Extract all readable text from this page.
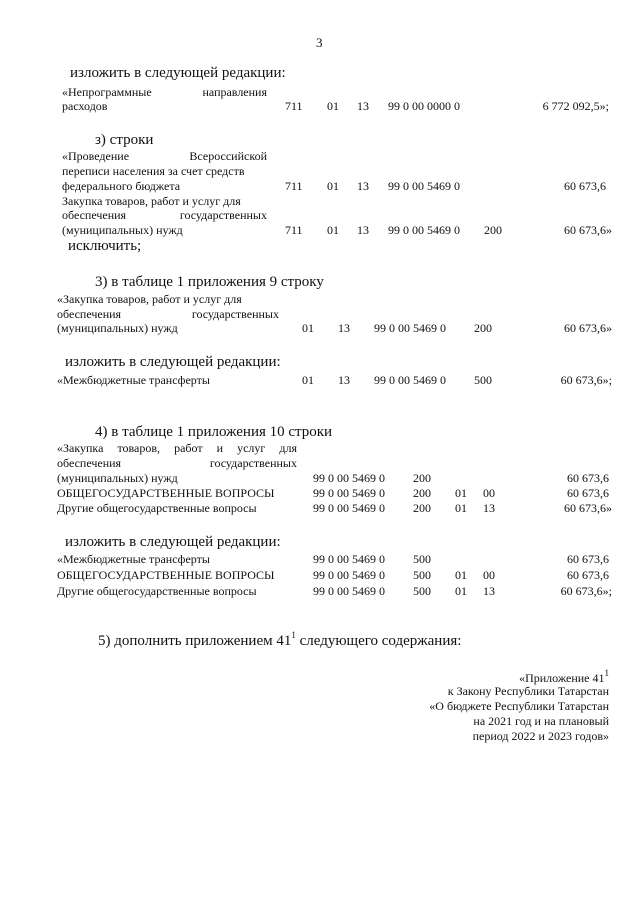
3
изложить в следующей редакции:
«Непрограммные направления
расходов	711 01 13 99 0 00 0000 0	6 772 092,5»;
з) строки
«Проведение Всероссийской
переписи населения за счет средств
федерального бюджета	711 01 13 99 0 00 5469 0	60 673,6
Закупка товаров, работ и услуг для
обеспечения государственных
(муниципальных) нужд	711 01 13 99 0 00 5469 0 200	60 673,6»
исключить;
3) в таблице 1 приложения 9 строку
«Закупка товаров, работ и услуг для
обеспечения государственных
(муниципальных) нужд	01 13 99 0 00 5469 0 200	60 673,6»
изложить в следующей редакции:
«Межбюджетные трансферты	01 13 99 0 00 5469 0 500	60 673,6»;
4) в таблице 1 приложения 10 строки
«Закупка товаров, работ и услуг для
обеспечения государственных
(муниципальных) нужд	99 0 00 5469 0 200	60 673,6
ОБЩЕГОСУДАРСТВЕННЫЕ ВОПРОСЫ	99 0 00 5469 0 200 01 00	60 673,6
Другие общегосударственные вопросы	99 0 00 5469 0 200 01 13	60 673,6»
изложить в следующей редакции:
«Межбюджетные трансферты	99 0 00 5469 0 500	60 673,6
ОБЩЕГОСУДАРСТВЕННЫЕ ВОПРОСЫ	99 0 00 5469 0 500 01 00	60 673,6
Другие общегосударственные вопросы	99 0 00 5469 0 500 01 13	60 673,6»;
5) дополнить приложением $41^1$ следующего содержания:
«Приложение $41^1$
к Закону Республики Татарстан
«О бюджете Республики Татарстан
на 2021 год и на плановый
период 2022 и 2023 годов»
